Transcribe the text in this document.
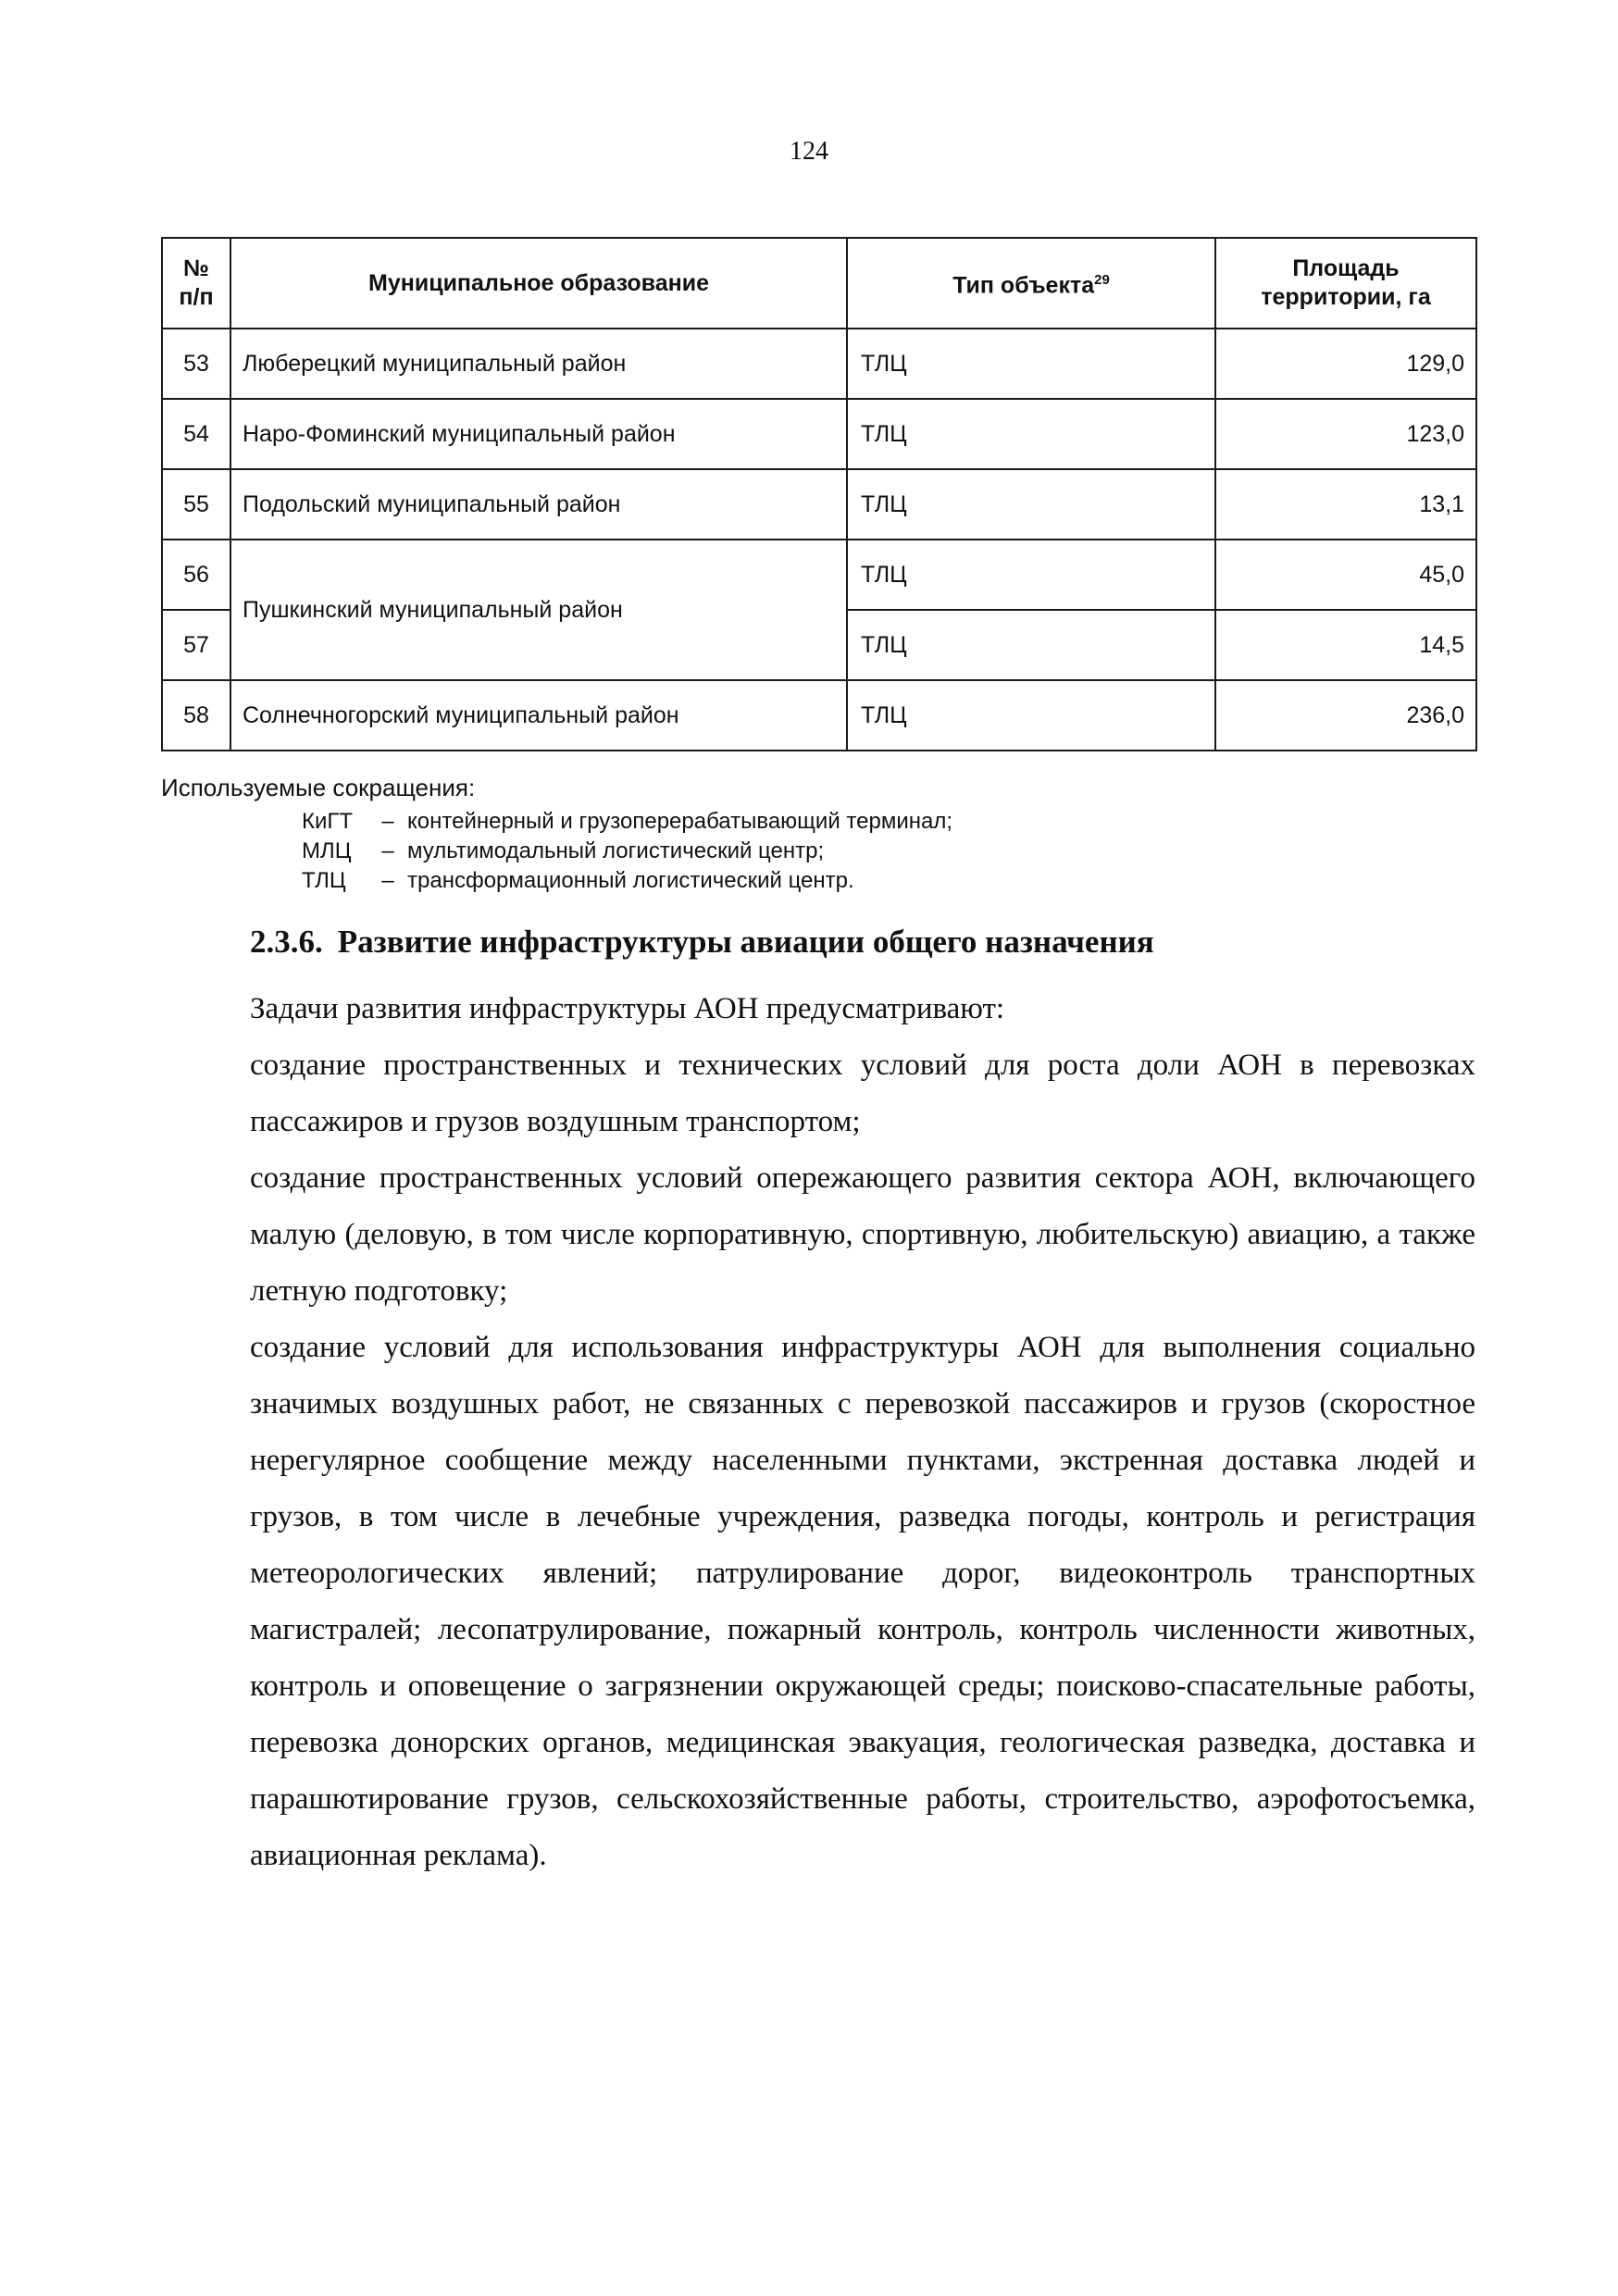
124
№ п/п	Муниципальное образование	Тип объекта$^{29}$	Площадь территории, га
53	Люберецкий муниципальный район	ТЛЦ	129,0
54	Наро-Фоминский муниципальный район	ТЛЦ	123,0
55	Подольский муниципальный район	ТЛЦ	13,1
56	Пушкинский муниципальный район	ТЛЦ	45,0
57		ТЛЦ	14,5
58	Солнечногорский муниципальный район	ТЛЦ	236,0
Используемые сокращения:
КиГТ	– контейнерный и грузоперерабатывающий терминал;
МЛЦ	– мультимодальный логистический центр;
ТЛЦ	– трансформационный логистический центр.
2.3.6. Развитие инфраструктуры авиации общего назначения

Задачи развития инфраструктуры АОН предусматривают:

создание пространственных и технических условий для роста доли АОН в перевозках пассажиров и грузов воздушным транспортом;

создание пространственных условий опережающего развития сектора АОН, включающего малую (деловую, в том числе корпоративную, спортивную, любительскую) авиацию, а также летную подготовку;

создание условий для использования инфраструктуры АОН для выполнения социально значимых воздушных работ, не связанных с перевозкой пассажиров и грузов (скоростное нерегулярное сообщение между населенными пунктами, экстренная доставка людей и грузов, в том числе в лечебные учреждения, разведка погоды, контроль и регистрация метеорологических явлений; патрулирование дорог, видеоконтроль транспортных магистралей; лесопатрулирование, пожарный контроль, контроль численности животных, контроль и оповещение о загрязнении окружающей среды; поисково-спасательные работы, перевозка донорских органов, медицинская эвакуация, геологическая разведка, доставка и парашютирование грузов, сельскохозяйственные работы, строительство, аэрофотосъемка, авиационная реклама).
